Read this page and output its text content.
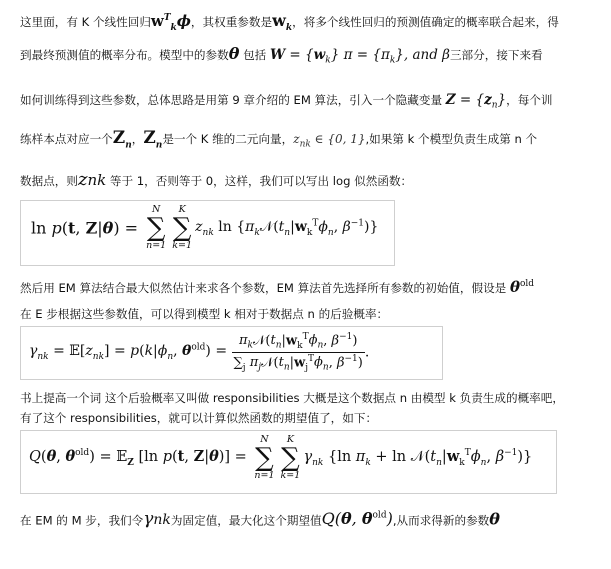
这里面，有 K 个线性回归$w^T_k\phi$，其权重参数是$w_k$，将多个线性回归的预测值确定的概率联合起来，得
到最终预测值的概率分布。模型中的参数θ 包括 $W = \{w_k\} \pi = \{\pi_k\}$, and β三部分，接下来看
如何训练得到这些参数，总体思路是用第 9 章介绍的 EM 算法，引入一个隐藏变量 $Z = \{z_n\}$，每个训
练样本点对应一个$Z_n$，$Z_n$是一个 K 维的二元向量，$z_{nk}$ ∈ {0, 1},如果第 k 个模型负责生成第 n 个
数据点，则znk 等于 1，否则等于 0，这样，我们可以写出 log 似然函数：
ln p(t, Z|θ) =
N
∑
n=1
K
∑
k=1
$z_{nk}$ $\ln \{\pi_k𝒩(t_n|w_k^T\phi_n$, $\beta^{-1}$)}
然后用 EM 算法结合最大似然估计来求各个参数，EM 算法首先选择所有参数的初始值，假设是 $\theta^{old}$
在 E 步根据这些参数值，可以得到模型 k 相对于数据点 n 的后验概率：
$\gamma_{nk}$ = $𝔼[z_{nk}] = p(k|\phi_n$, $\theta^{old}) = \frac{\pi_k𝒩(t_n|w_k^T\phi_n, \beta^{-1})}{\sum_j \pi_j𝒩(t_n|w_j^T\phi_n, \beta^{-1})}$ .
书上提高一个词 这个后验概率又叫做 responsibilities 大概是这个数据点 n 由模型 k 负责生成的概率吧，
有了这个 responsibilities，就可以计算似然函数的期望值了，如下：
Q(θ, $\theta^{old}$) = 𝔼$_Z$ [ln p(t, Z|θ)] =
N
∑
n=1
K
∑
k=1
$\gamma_{nk}$ {ln $\pi_k + \ln$ $𝒩(t_n|w_k^T\phi_n$, $\beta^{-1}$)}
在 EM 的 M 步，我们令γnk为固定值，最大化这个期望值Q(θ, $\theta^{old}$),从而求得新的参数θ
